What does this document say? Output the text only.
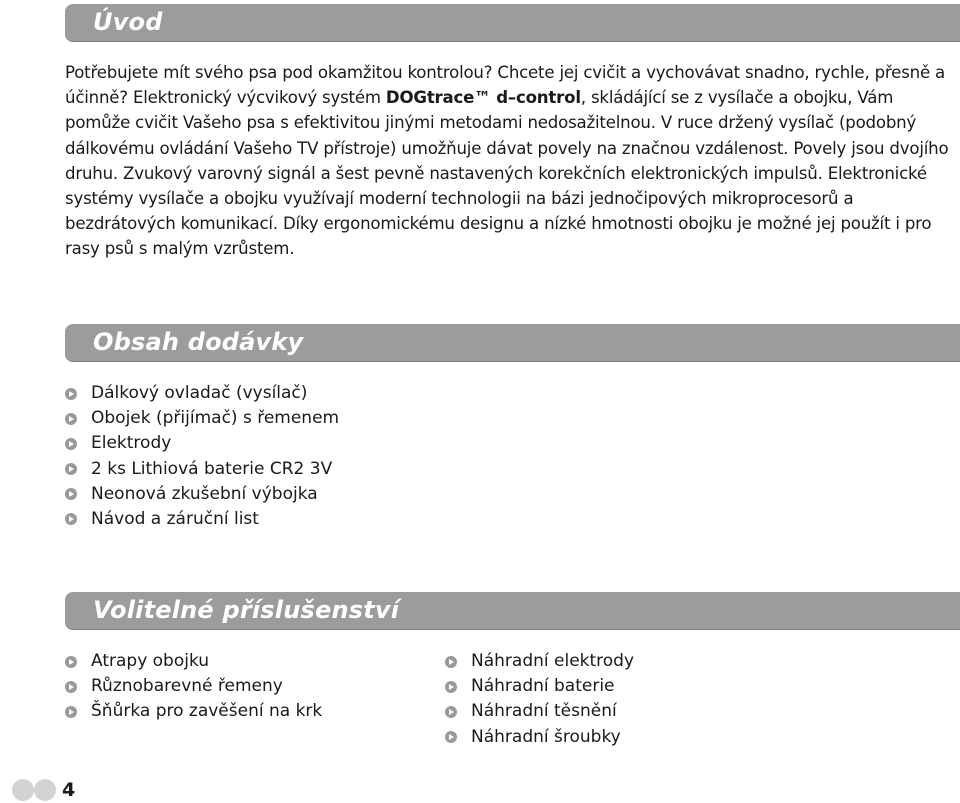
Úvod

Potřebujete mít svého psa pod okamžitou kontrolou? Chcete jej cvičit a vychovávat snadno, rychle, přesně a účinně? Elektronický výcvikový systém DOGtrace™ d–control, skládájící se z vysílače a obojku, Vám pomůže cvičit Vašeho psa s efektivitou jinými metodami nedosažitelnou. V ruce držený vysílač (podobný dálkovému ovládání Vašeho TV přístroje) umožňuje dávat povely na značnou vzdálenost. Povely jsou dvojího druhu. Zvukový varovný signál a šest pevně nastavených korekčních elektronických impulsů. Elektronické systémy vysílače a obojku využívají moderní technologii na bázi jednočipových mikroprocesorů a bezdrátových komunikací. Díky ergonomickému designu a nízké hmotnosti obojku je možné jej použít i pro rasy psů s malým vzrůstem.

Obsah dodávky
Dálkový ovladač (vysílač)
Obojek (přijímač) s řemenem
Elektrody
2 ks Lithiová baterie CR2 3V
Neonová zkušební výbojka
Návod a záruční list
Volitelné příslušenství
Atrapy obojku
Různobarevné řemeny
Šňůrka pro zavěšení na krk
Náhradní elektrody
Náhradní baterie
Náhradní těsnění
Náhradní šroubky
4
